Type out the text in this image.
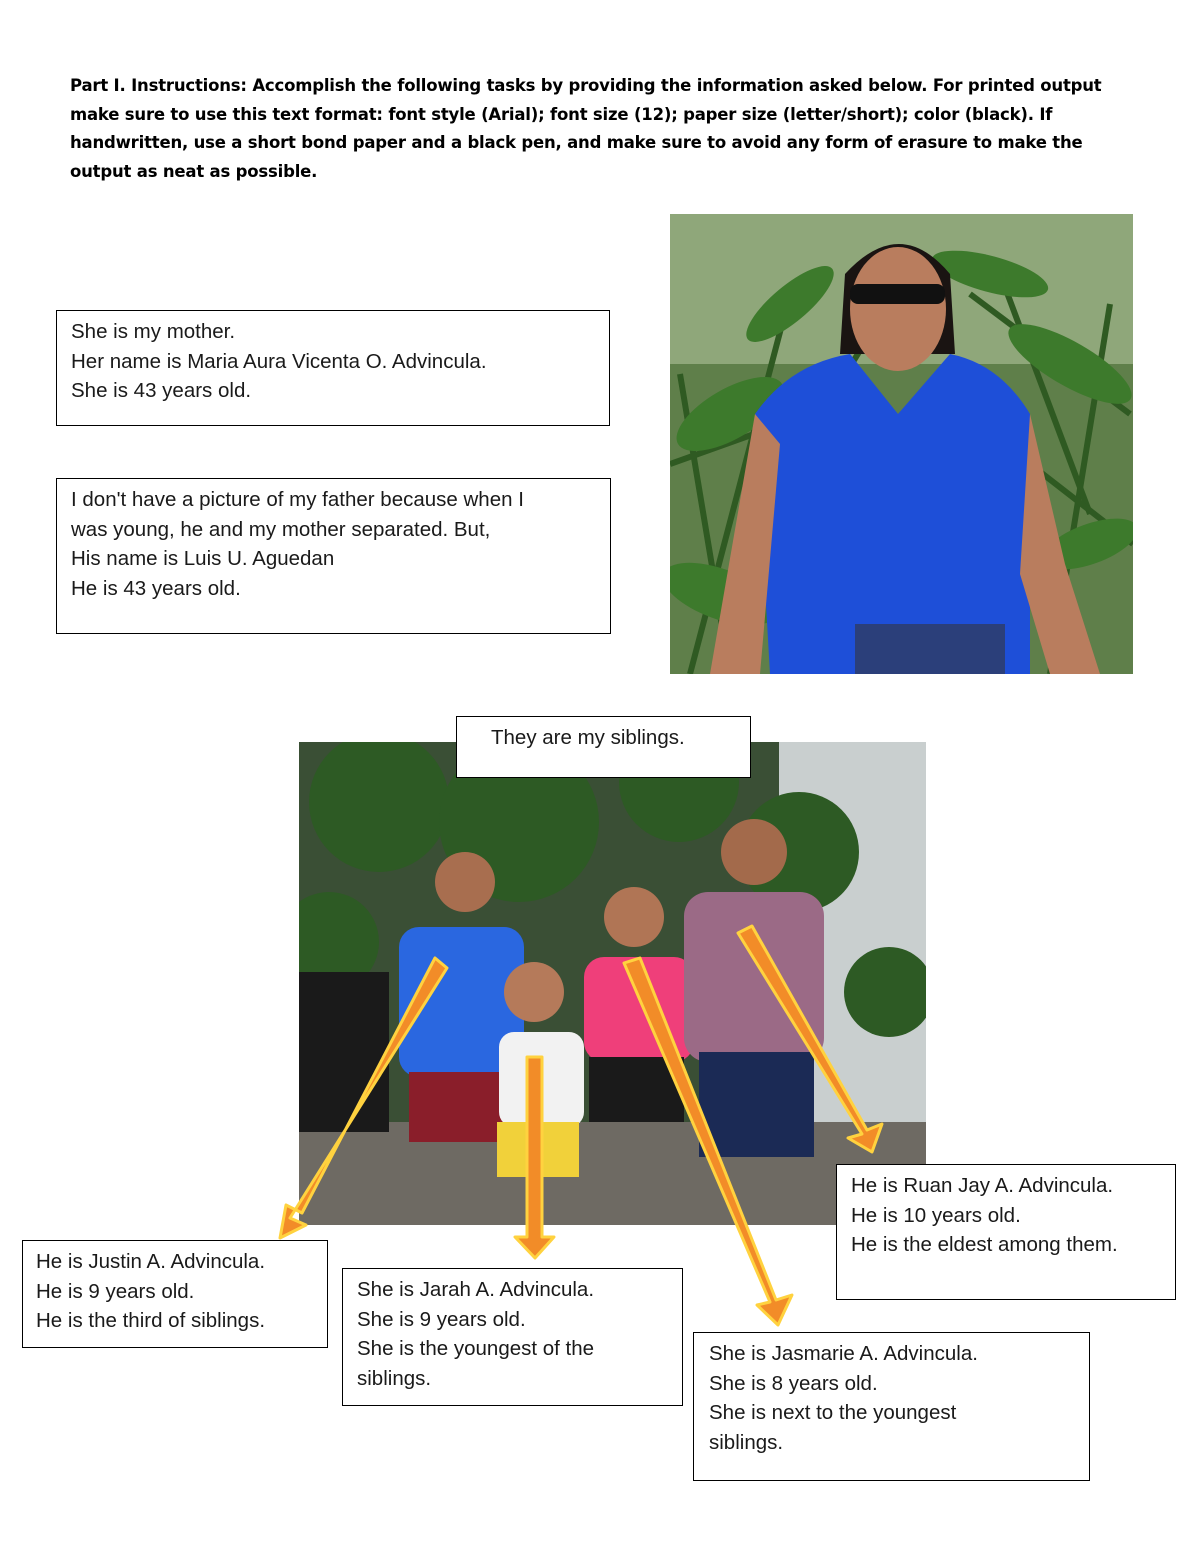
Part I. Instructions: Accomplish the following tasks by providing the information asked below. For printed output make sure to use this text format: font style (Arial); font size (12); paper size (letter/short); color (black). If handwritten, use a short bond paper and a black pen, and make sure to avoid any form of erasure to make the output as neat as possible.

She is my mother.
Her name is Maria Aura Vicenta O. Advincula.
She is 43 years old.
I don't have a picture of my father because when I
was young, he and my mother separated. But,
His name is Luis U. Aguedan
He is 43 years old.
They are my siblings.
He is Justin A. Advincula.
He is 9 years old.
He is the third of siblings.
She is Jarah A. Advincula.
She is 9 years old.
She is the youngest of the
siblings.
She is Jasmarie A. Advincula.
She is 8 years old.
She is next to the youngest
siblings.
He is Ruan Jay A. Advincula.
He is 10 years old.
He is the eldest among them.
